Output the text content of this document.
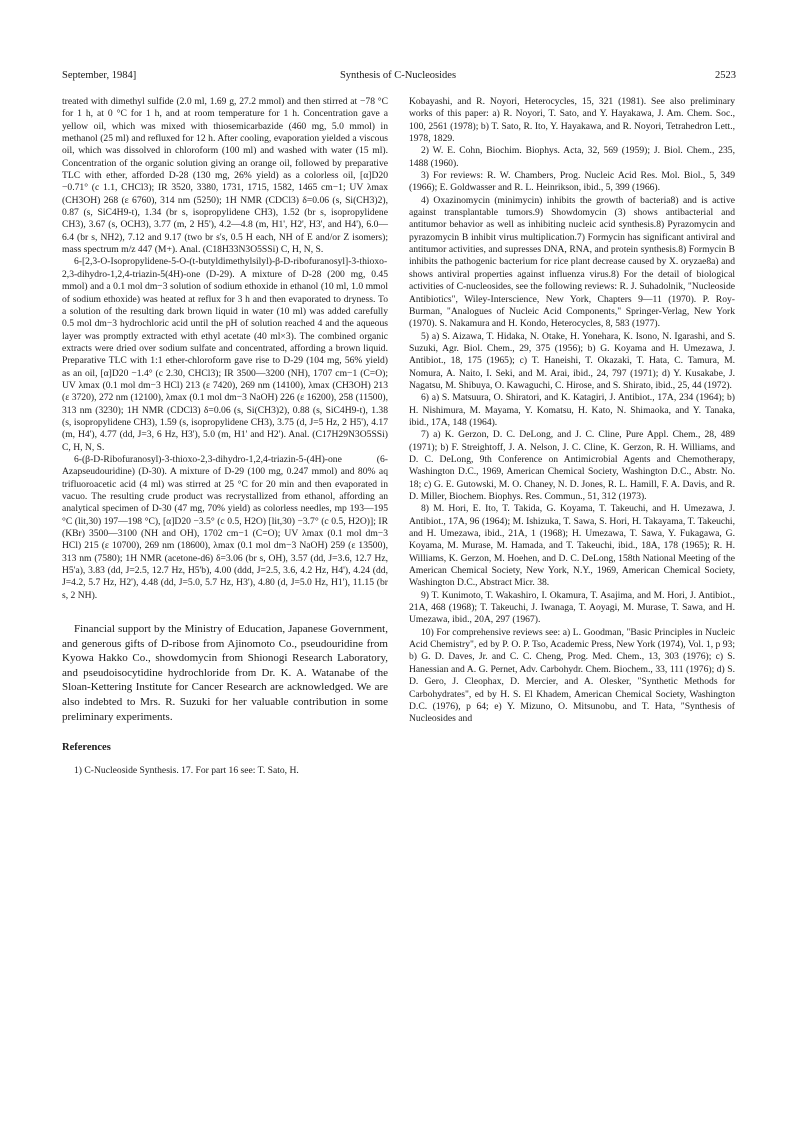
September, 1984]	Synthesis of C-Nucleosides	2523

treated with dimethyl sulfide (2.0 ml, 1.69 g, 27.2 mmol) and then stirred at −78 °C for 1 h, at 0 °C for 1 h, and at room temperature for 1 h. Concentration gave a yellow oil, which was mixed with thiosemicarbazide (460 mg, 5.0 mmol) in methanol (25 ml) and refluxed for 12 h. After cooling, evaporation yielded a viscous oil, which was dissolved in chloroform (100 ml) and washed with water (15 ml). Concentration of the organic solution giving an orange oil, followed by preparative TLC with ether, afforded D-28 (130 mg, 26% yield) as a colorless oil, [α]D20 −0.71° (c 1.1, CHCl3); IR 3520, 3380, 1731, 1715, 1582, 1465 cm−1; UV λmax (CH3OH) 268 (ε 6760), 314 nm (5250); 1H NMR (CDCl3) δ=0.06 (s, Si(CH3)2), 0.87 (s, SiC4H9-t), 1.34 (br s, isopropylidene CH3), 1.52 (br s, isopropylidene CH3), 3.67 (s, OCH3), 3.77 (m, 2 H5'), 4.2—4.8 (m, H1', H2', H3', and H4'), 6.0—6.4 (br s, NH2), 7.12 and 9.17 (two br s's, 0.5 H each, NH of E and/or Z isomers); mass spectrum m/z 447 (M+). Anal. (C18H33N3O5SSi) C, H, N, S.

6-[2,3-O-Isopropylidene-5-O-(t-butyldimethylsilyl)-β-D-ribofuranosyl]-3-thioxo-2,3-dihydro-1,2,4-triazin-5(4H)-one (D-29). A mixture of D-28 (200 mg, 0.45 mmol) and a 0.1 mol dm−3 solution of sodium ethoxide in ethanol (10 ml, 1.0 mmol of sodium ethoxide) was heated at reflux for 3 h and then evaporated to dryness. To a solution of the resulting dark brown liquid in water (10 ml) was added carefully 0.5 mol dm−3 hydrochloric acid until the pH of solution reached 4 and the aqueous layer was promptly extracted with ethyl acetate (40 ml×3). The combined organic extracts were dried over sodium sulfate and concentrated, affording a brown liquid. Preparative TLC with 1:1 ether-chloroform gave rise to D-29 (104 mg, 56% yield) as an oil, [α]D20 −1.4° (c 2.30, CHCl3); IR 3500—3200 (NH), 1707 cm−1 (C=O); UV λmax (0.1 mol dm−3 HCl) 213 (ε 7420), 269 nm (14100), λmax (CH3OH) 213 (ε 3720), 272 nm (12100), λmax (0.1 mol dm−3 NaOH) 226 (ε 16200), 258 (11500), 313 nm (3230); 1H NMR (CDCl3) δ=0.06 (s, Si(CH3)2), 0.88 (s, SiC4H9-t), 1.38 (s, isopropylidene CH3), 1.59 (s, isopropylidene CH3), 3.75 (d, J=5 Hz, 2 H5'), 4.17 (m, H4'), 4.77 (dd, J=3, 6 Hz, H3'), 5.0 (m, H1' and H2'). Anal. (C17H29N3O5SSi) C, H, N, S.

6-(β-D-Ribofuranosyl)-3-thioxo-2,3-dihydro-1,2,4-triazin-5-(4H)-one (6-Azapseudouridine) (D-30). A mixture of D-29 (100 mg, 0.247 mmol) and 80% aq trifluoroacetic acid (4 ml) was stirred at 25 °C for 20 min and then evaporated in vacuo. The resulting crude product was recrystallized from ethanol, affording an analytical specimen of D-30 (47 mg, 70% yield) as colorless needles, mp 193—195 °C (lit,30) 197—198 °C), [α]D20 −3.5° (c 0.5, H2O) [lit,30) −3.7° (c 0.5, H2O)]; IR (KBr) 3500—3100 (NH and OH), 1702 cm−1 (C=O); UV λmax (0.1 mol dm−3 HCl) 215 (ε 10700), 269 nm (18600), λmax (0.1 mol dm−3 NaOH) 259 (ε 13500), 313 nm (7580); 1H NMR (acetone-d6) δ=3.06 (br s, OH), 3.57 (dd, J=3.6, 12.7 Hz, H5'a), 3.83 (dd, J=2.5, 12.7 Hz, H5'b), 4.00 (ddd, J=2.5, 3.6, 4.2 Hz, H4'), 4.24 (dd, J=4.2, 5.7 Hz, H2'), 4.48 (dd, J=5.0, 5.7 Hz, H3'), 4.80 (d, J=5.0 Hz, H1'), 11.15 (br s, 2 NH).

Financial support by the Ministry of Education, Japanese Government, and generous gifts of D-ribose from Ajinomoto Co., pseudouridine from Kyowa Hakko Co., showdomycin from Shionogi Research Laboratory, and pseudoisocytidine hydrochloride from Dr. K. A. Watanabe of the Sloan-Kettering Institute for Cancer Research are acknowledged. We are also indebted to Mrs. R. Suzuki for her valuable contribution in some preliminary experiments.

References

1) C-Nucleoside Synthesis. 17. For part 16 see: T. Sato, H.

Kobayashi, and R. Noyori, Heterocycles, 15, 321 (1981). See also preliminary works of this paper: a) R. Noyori, T. Sato, and Y. Hayakawa, J. Am. Chem. Soc., 100, 2561 (1978); b) T. Sato, R. Ito, Y. Hayakawa, and R. Noyori, Tetrahedron Lett., 1978, 1829.

2) W. E. Cohn, Biochim. Biophys. Acta, 32, 569 (1959); J. Biol. Chem., 235, 1488 (1960).

3) For reviews: R. W. Chambers, Prog. Nucleic Acid Res. Mol. Biol., 5, 349 (1966); E. Goldwasser and R. L. Heinrikson, ibid., 5, 399 (1966).

4) Oxazinomycin (minimycin) inhibits the growth of bacteria8) and is active against transplantable tumors.9) Showdomycin (3) shows antibacterial and antitumor behavior as well as inhibiting nucleic acid synthesis.8) Pyrazomycin and pyrazomycin B inhibit virus multiplication.7) Formycin has significant antiviral and antitumor activities, and supresses DNA, RNA, and protein synthesis.8) Formycin B inhibits the pathogenic bacterium for rice plant decrease caused by X. oryzae8a) and shows antiviral properties against influenza virus.8) For the detail of biological activities of C-nucleosides, see the following reviews: R. J. Suhadolnik, "Nucleoside Antibiotics", Wiley-Interscience, New York, Chapters 9—11 (1970). P. Roy-Burman, "Analogues of Nucleic Acid Components," Springer-Verlag, New York (1970). S. Nakamura and H. Kondo, Heterocycles, 8, 583 (1977).

5) a) S. Aizawa, T. Hidaka, N. Otake, H. Yonehara, K. Isono, N. Igarashi, and S. Suzuki, Agr. Biol. Chem., 29, 375 (1956); b) G. Koyama and H. Umezawa, J. Antibiot., 18, 175 (1965); c) T. Haneishi, T. Okazaki, T. Hata, C. Tamura, M. Nomura, A. Naito, I. Seki, and M. Arai, ibid., 24, 797 (1971); d) Y. Kusakabe, J. Nagatsu, M. Shibuya, O. Kawaguchi, C. Hirose, and S. Shirato, ibid., 25, 44 (1972).

6) a) S. Matsuura, O. Shiratori, and K. Katagiri, J. Antibiot., 17A, 234 (1964); b) H. Nishimura, M. Mayama, Y. Komatsu, H. Kato, N. Shimaoka, and Y. Tanaka, ibid., 17A, 148 (1964).

7) a) K. Gerzon, D. C. DeLong, and J. C. Cline, Pure Appl. Chem., 28, 489 (1971); b) F. Streightoff, J. A. Nelson, J. C. Cline, K. Gerzon, R. H. Williams, and D. C. DeLong, 9th Conference on Antimicrobial Agents and Chemotherapy, Washington D.C., 1969, American Chemical Society, Washington D.C., Abstr. No. 18; c) G. E. Gutowski, M. O. Chaney, N. D. Jones, R. L. Hamill, F. A. Davis, and R. D. Miller, Biochem. Biophys. Res. Commun., 51, 312 (1973).

8) M. Hori, E. Ito, T. Takida, G. Koyama, T. Takeuchi, and H. Umezawa, J. Antibiot., 17A, 96 (1964); M. Ishizuka, T. Sawa, S. Hori, H. Takayama, T. Takeuchi, and H. Umezawa, ibid., 21A, 1 (1968); H. Umezawa, T. Sawa, Y. Fukagawa, G. Koyama, M. Murase, M. Hamada, and T. Takeuchi, ibid., 18A, 178 (1965); R. H. Williams, K. Gerzon, M. Hoehen, and D. C. DeLong, 158th National Meeting of the American Chemical Society, New York, N.Y., 1969, American Chemical Society, Washington D.C., Abstract Micr. 38.

9) T. Kunimoto, T. Wakashiro, I. Okamura, T. Asajima, and M. Hori, J. Antibiot., 21A, 468 (1968); T. Takeuchi, J. Iwanaga, T. Aoyagi, M. Murase, T. Sawa, and H. Umezawa, ibid., 20A, 297 (1967).

10) For comprehensive reviews see: a) L. Goodman, "Basic Principles in Nucleic Acid Chemistry", ed by P. O. P. Tso, Academic Press, New York (1974), Vol. 1, p 93; b) G. D. Daves, Jr. and C. C. Cheng, Prog. Med. Chem., 13, 303 (1976); c) S. Hanessian and A. G. Pernet, Adv. Carbohydr. Chem. Biochem., 33, 111 (1976); d) S. D. Gero, J. Cleophax, D. Mercier, and A. Olesker, "Synthetic Methods for Carbohydrates", ed by H. S. El Khadem, American Chemical Society, Washington D.C. (1976), p 64; e) Y. Mizuno, O. Mitsunobu, and T. Hata, "Synthesis of Nucleosides and
